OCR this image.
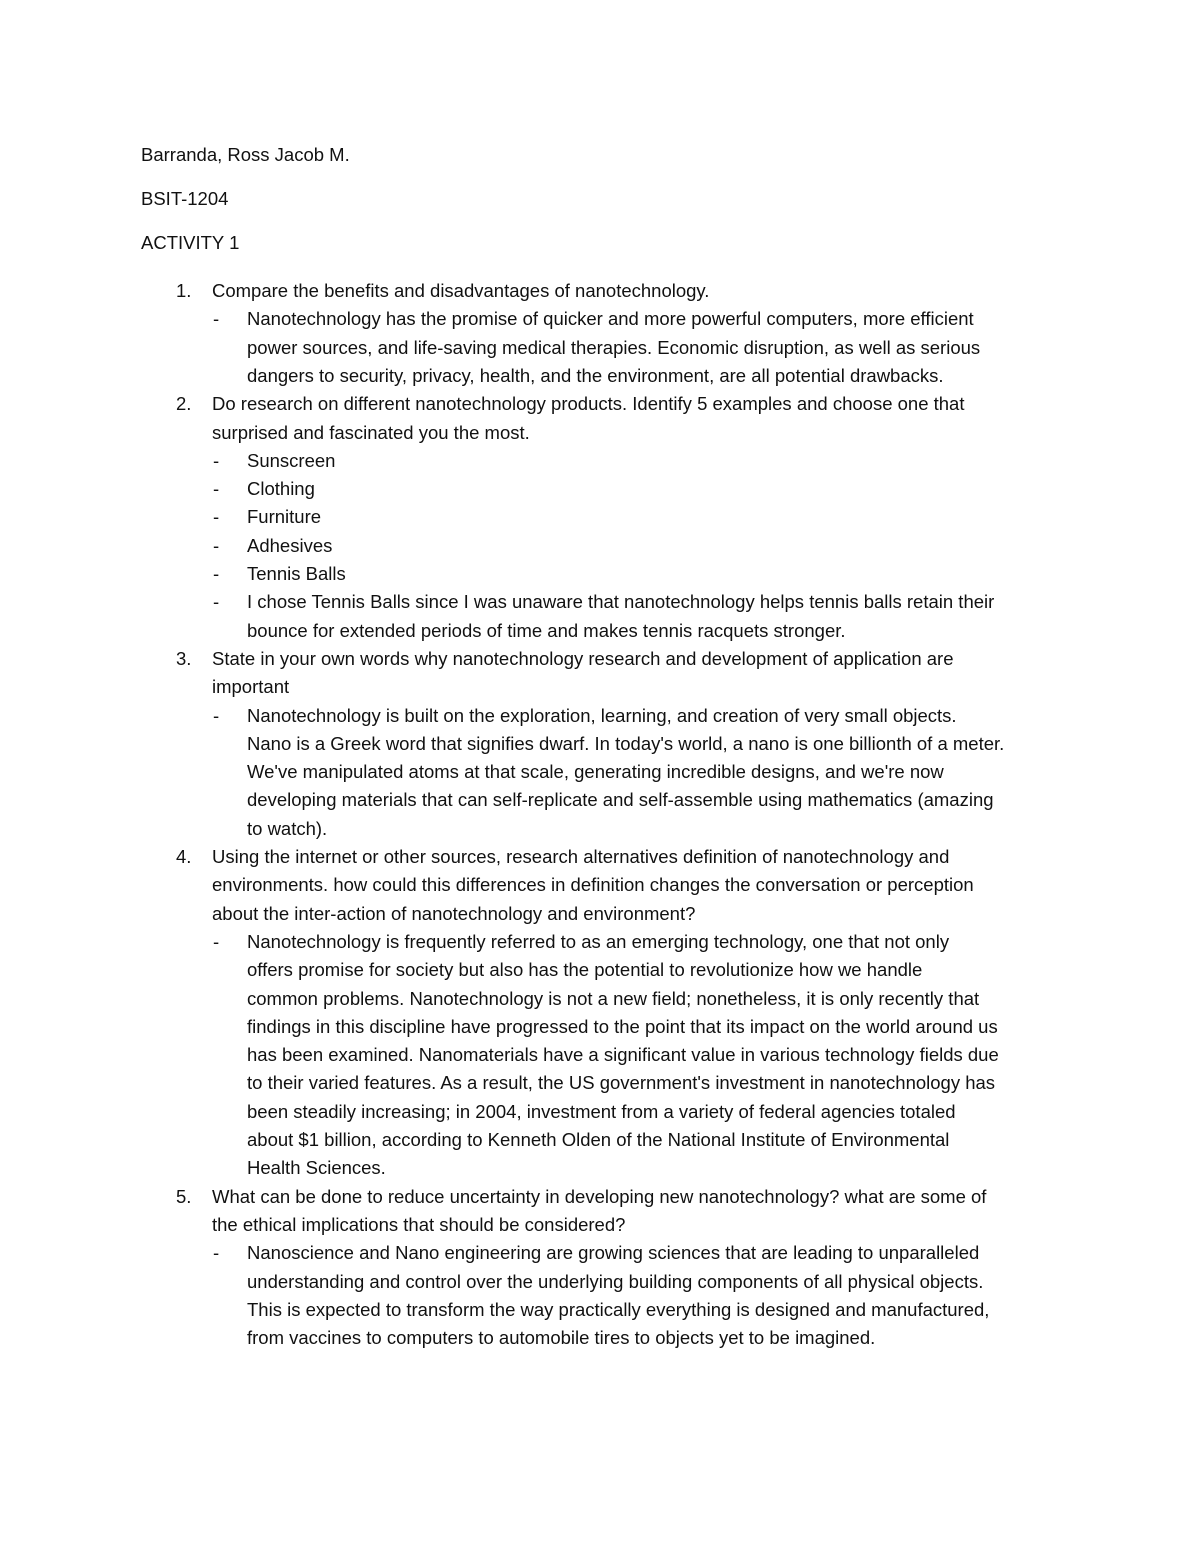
Barranda, Ross Jacob M.
BSIT-1204
ACTIVITY 1
1. Compare the benefits and disadvantages of nanotechnology.
- Nanotechnology has the promise of quicker and more powerful computers, more efficient
power sources, and life-saving medical therapies. Economic disruption, as well as serious
dangers to security, privacy, health, and the environment, are all potential drawbacks.
2. Do research on different nanotechnology products. Identify 5 examples and choose one that
surprised and fascinated you the most.
- Sunscreen
- Clothing
- Furniture
- Adhesives
- Tennis Balls
- I chose Tennis Balls since I was unaware that nanotechnology helps tennis balls retain their
bounce for extended periods of time and makes tennis racquets stronger.
3. State in your own words why nanotechnology research and development of application are
important
- Nanotechnology is built on the exploration, learning, and creation of very small objects.
Nano is a Greek word that signifies dwarf. In today's world, a nano is one billionth of a meter.
We've manipulated atoms at that scale, generating incredible designs, and we're now
developing materials that can self-replicate and self-assemble using mathematics (amazing
to watch).
4. Using the internet or other sources, research alternatives definition of nanotechnology and
environments. how could this differences in definition changes the conversation or perception
about the inter-action of nanotechnology and environment?
- Nanotechnology is frequently referred to as an emerging technology, one that not only
offers promise for society but also has the potential to revolutionize how we handle
common problems. Nanotechnology is not a new field; nonetheless, it is only recently that
findings in this discipline have progressed to the point that its impact on the world around us
has been examined. Nanomaterials have a significant value in various technology fields due
to their varied features. As a result, the US government's investment in nanotechnology has
been steadily increasing; in 2004, investment from a variety of federal agencies totaled
about $1 billion, according to Kenneth Olden of the National Institute of Environmental
Health Sciences.
5. What can be done to reduce uncertainty in developing new nanotechnology? what are some of
the ethical implications that should be considered?
- Nanoscience and Nano engineering are growing sciences that are leading to unparalleled
understanding and control over the underlying building components of all physical objects.
This is expected to transform the way practically everything is designed and manufactured,
from vaccines to computers to automobile tires to objects yet to be imagined.
